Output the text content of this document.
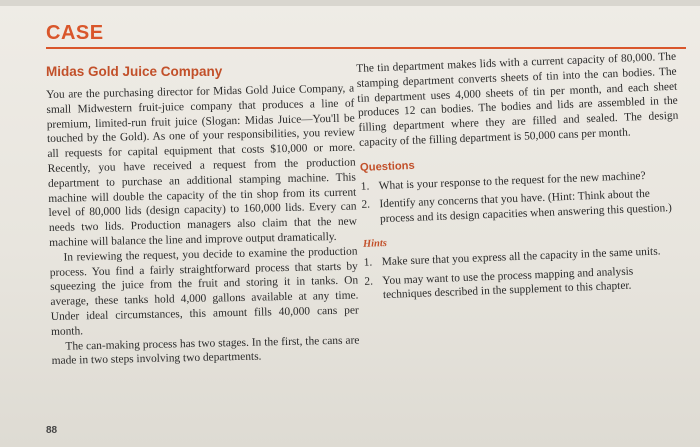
CASE
Midas Gold Juice Company

You are the purchasing director for Midas Gold Juice Company, a small Midwestern fruit-juice company that produces a line of premium, limited-run fruit juice (Slogan: Midas Juice—You'll be touched by the Gold). As one of your responsibilities, you review all requests for capital equipment that costs $10,000 or more. Recently, you have received a request from the production department to purchase an additional stamping machine. This machine will double the capacity of the tin shop from its current level of 80,000 lids (design capacity) to 160,000 lids. Every can needs two lids. Production managers also claim that the new machine will balance the line and improve output dramatically.

In reviewing the request, you decide to examine the production process. You find a fairly straightforward process that starts by squeezing the juice from the fruit and storing it in tanks. On average, these tanks hold 4,000 gallons available at any time. Under ideal circumstances, this amount fills 40,000 cans per month.

The can-making process has two stages. In the first, the cans are made in two steps involving two departments.

The tin department makes lids with a current capacity of 80,000. The stamping department converts sheets of tin into the can bodies. The tin department uses 4,000 sheets of tin per month, and each sheet produces 12 can bodies. The bodies and lids are assembled in the filling department where they are filled and sealed. The design capacity of the filling department is 50,000 cans per month.

Questions
1. What is your response to the request for the new machine?
2. Identify any concerns that you have. (Hint: Think about the process and its design capacities when answering this question.)
Hints
1. Make sure that you express all the capacity in the same units.
2. You may want to use the process mapping and analysis techniques described in the supplement to this chapter.
88
